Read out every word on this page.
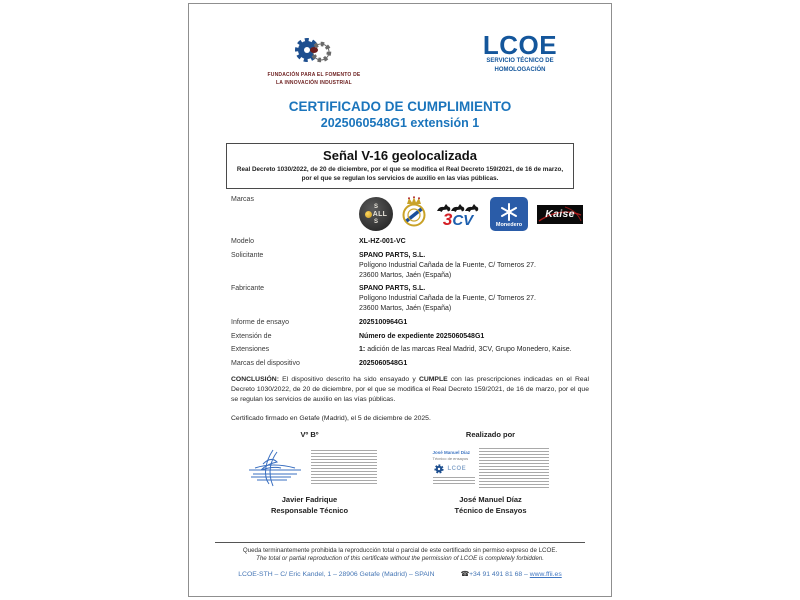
FUNDACIÓN PARA EL FOMENTO DE
LA INNOVACIÓN INDUSTRIAL
LCOE
SERVICIO TÉCNICO DE
HOMOLOGACIÓN
CERTIFICADO DE CUMPLIMIENTO
2025060548G1 extensión 1
Señal V-16 geolocalizada
Real Decreto 1030/2022, de 20 de diciembre, por el que se modifica el Real Decreto 159/2021, de 16 de marzo, por el que se regulan los servicios de auxilio en las vías públicas.
Marcas
S
ALL
S	3CV	Monedero
Kaise
Modelo	XL-HZ-001-VC
Solicitante	SPANO PARTS, S.L.
Polígono Industrial Cañada de la Fuente, C/ Torneros 27.
23600 Martos, Jaén (España)
Fabricante	SPANO PARTS, S.L.
Polígono Industrial Cañada de la Fuente, C/ Torneros 27.
23600 Martos, Jaén (España)
Informe de ensayo	2025100964G1
Extensión de	Número de expediente 2025060548G1
Extensiones	1: adición de las marcas Real Madrid, 3CV, Grupo Monedero, Kaise.
Marcas del dispositivo	2025060548G1

CONCLUSIÓN: El dispositivo descrito ha sido ensayado y CUMPLE con las prescripciones indicadas en el Real Decreto 1030/2022, de 20 de diciembre, por el que se modifica el Real Decreto 159/2021, de 16 de marzo, por el que se regulan los servicios de auxilio en las vías públicas.

Certificado firmado en Getafe (Madrid), el 5 de diciembre de 2025.

Vº Bº
Javier Fadrique
Responsable Técnico
Realizado por
José Manuel Díaz
Técnico de ensayos
LCOE
José Manuel Díaz
Técnico de Ensayos
Queda terminantemente prohibida la reproducción total o parcial de este certificado sin permiso expreso de LCOE.
The total or partial reproduction of this certificate without the permission of LCOE is completely forbidden.
LCOE-STH – C/ Eric Kandel, 1 – 28906 Getafe (Madrid) – SPAIN	☎+34 91 491 81 68 – www.ffii.es
